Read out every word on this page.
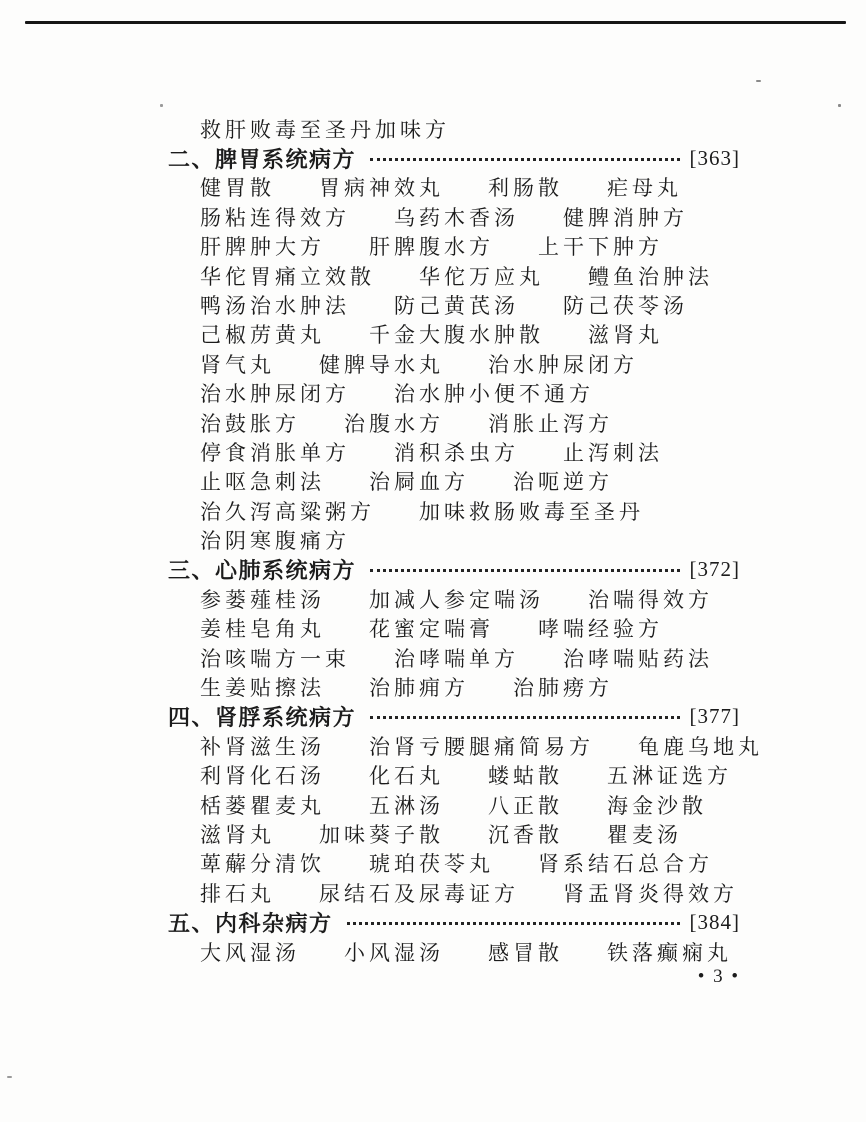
救肝败毒至圣丹加味方
二、脾胃系统病方	[363]
健胃散 胃病神效丸 利肠散 疟母丸
肠粘连得效方 乌药木香汤 健脾消肿方
肝脾肿大方 肝脾腹水方 上干下肿方
华佗胃痛立效散 华佗万应丸 鳢鱼治肿法
鸭汤治水肿法 防己黄芪汤 防己茯苓汤
己椒苈黄丸 千金大腹水肿散 滋肾丸
肾气丸 健脾导水丸 治水肿尿闭方
治水肿尿闭方 治水肿小便不通方
治鼓胀方 治腹水方 消胀止泻方
停食消胀单方 消积杀虫方 止泻刺法
止呕急刺法 治屙血方 治呃逆方
治久泻高粱粥方 加味救肠败毒至圣丹
治阴寒腹痛方
三、心肺系统病方	[372]
参蒌薤桂汤 加减人参定喘汤 治喘得效方
姜桂皂角丸 花蜜定喘膏 哮喘经验方
治咳喘方一束 治哮喘单方 治哮喘贴药法
生姜贴擦法 治肺痈方 治肺痨方
四、肾脬系统病方	[377]
补肾滋生汤 治肾亏腰腿痛简易方 龟鹿乌地丸
利肾化石汤 化石丸 蝼蛄散 五淋证选方
栝蒌瞿麦丸 五淋汤 八正散 海金沙散
滋肾丸 加味葵子散 沉香散 瞿麦汤
萆薢分清饮 琥珀茯苓丸 肾系结石总合方
排石丸 尿结石及尿毒证方 肾盂肾炎得效方
五、内科杂病方	[384]
大风湿汤 小风湿汤 感冒散 铁落癫痫丸
• 3 •
